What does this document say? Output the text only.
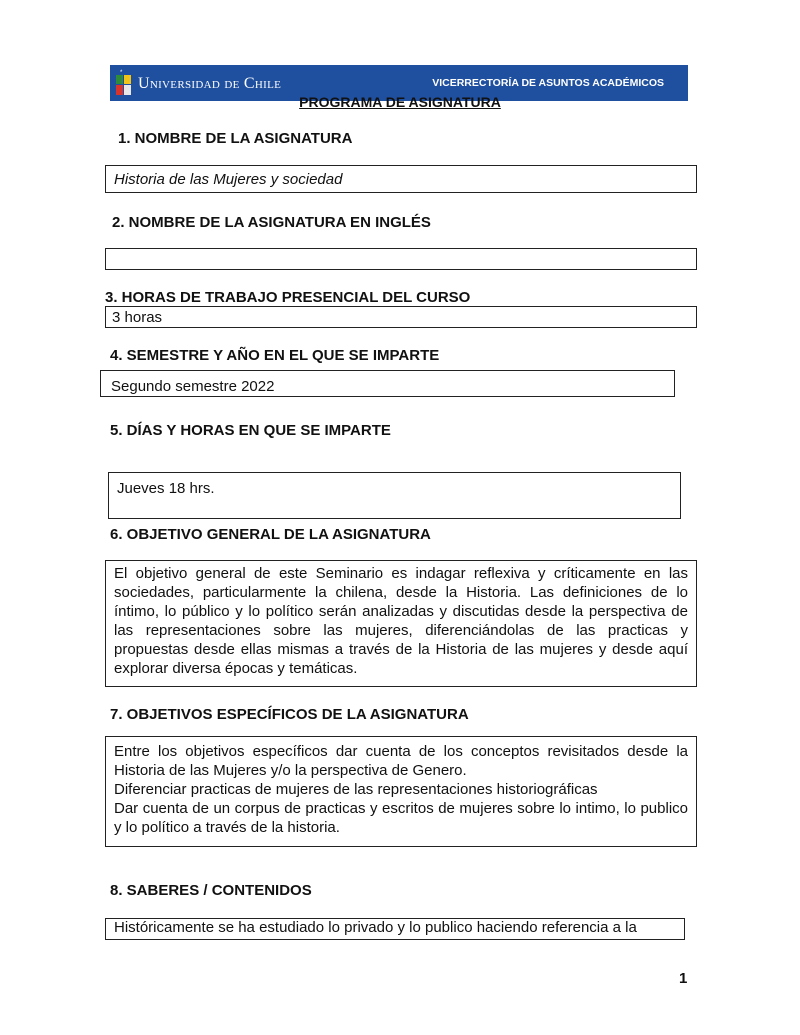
*
Universidad de Chile	VICERRECTORÍA DE ASUNTOS ACADÉMICOS
PROGRAMA DE ASIGNATURA
1. NOMBRE DE LA ASIGNATURA
Historia de las Mujeres y sociedad
2. NOMBRE DE LA ASIGNATURA EN INGLÉS
3. HORAS DE TRABAJO PRESENCIAL DEL CURSO
3 horas
4. SEMESTRE Y AÑO EN EL QUE SE IMPARTE
Segundo semestre 2022
5. DÍAS Y HORAS EN QUE SE IMPARTE
Jueves 18 hrs.
6. OBJETIVO GENERAL DE LA ASIGNATURA
El objetivo general de este Seminario es indagar reflexiva y críticamente en las sociedades, particularmente la chilena, desde la Historia. Las definiciones de lo íntimo, lo público y lo político serán analizadas y discutidas desde la perspectiva de las representaciones sobre las mujeres, diferenciándolas de las practicas y propuestas desde ellas mismas a través de la Historia de las mujeres y desde aquí explorar diversa épocas y temáticas.
7. OBJETIVOS ESPECÍFICOS DE LA ASIGNATURA
Entre los objetivos específicos dar cuenta de los conceptos revisitados desde la Historia de las Mujeres y/o la perspectiva de Genero.
Diferenciar practicas de mujeres de las representaciones historiográficas
Dar cuenta de un corpus de practicas y escritos de mujeres sobre lo intimo, lo publico y lo político a través de la historia.
8. SABERES / CONTENIDOS
Históricamente se ha estudiado lo privado y lo publico haciendo referencia a la
1
